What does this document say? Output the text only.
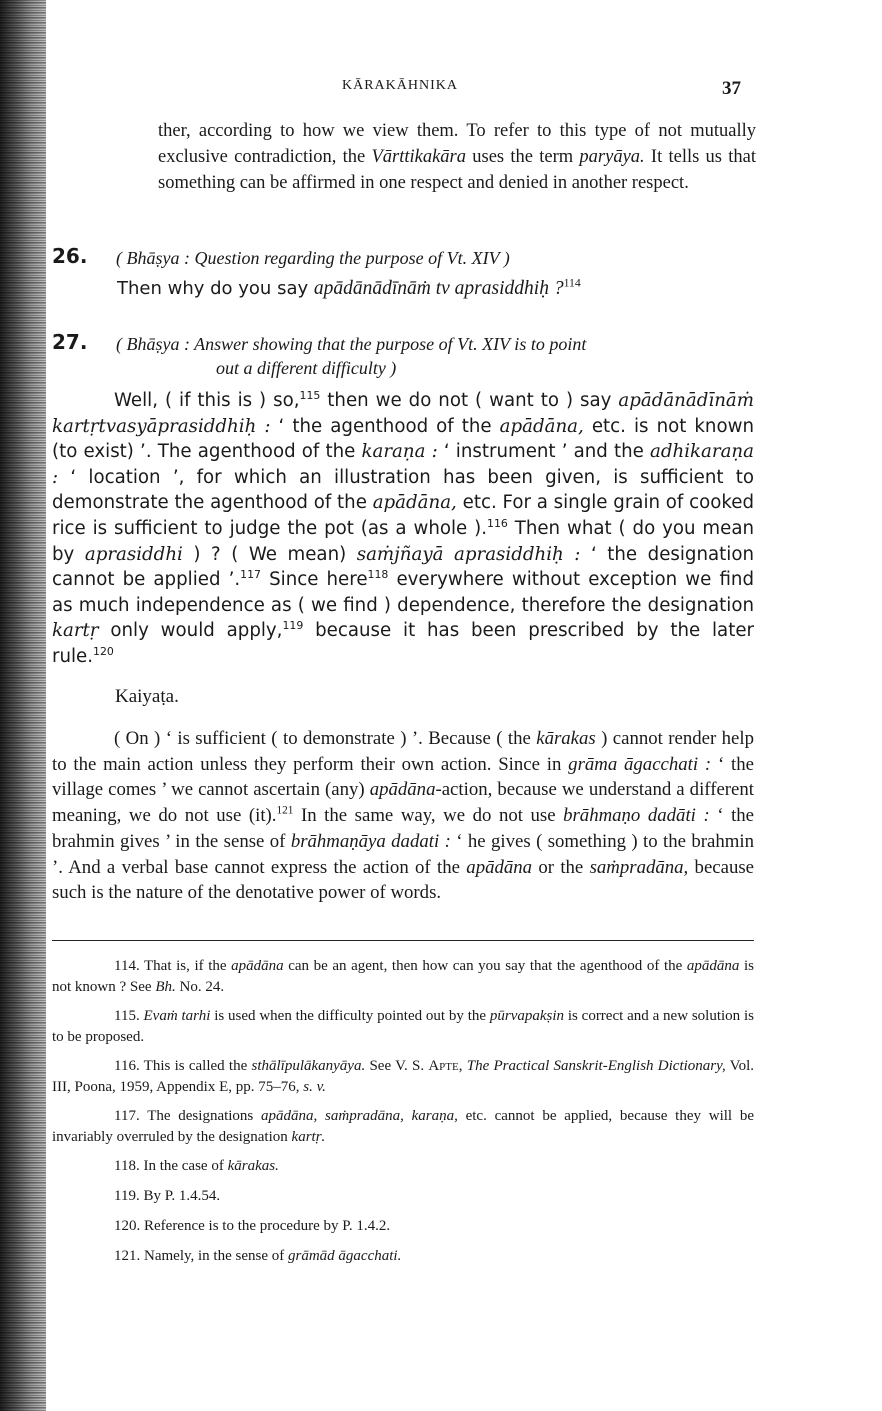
KĀRAKĀHNIKA	37
ther, according to how we view them. To refer to this type of not mutually exclusive contradiction, the Vārttikakāra uses the term paryāya. It tells us that something can be affirmed in one respect and denied in another respect.
26. ( Bhāṣya : Question regarding the purpose of Vt. XIV )
Then why do you say apādānādīnāṁ tv aprasiddhiḥ ?$^{114}$
27. ( Bhāṣya : Answer showing that the purpose of Vt. XIV is to point
out a different difficulty )
Well, ( if this is ) so,$^{115}$ then we do not ( want to ) say apādānādīnāṁ kartṛtvasyāprasiddhiḥ : ‘ the agenthood of the apādāna, etc. is not known (to exist) ’. The agenthood of the karaṇa : ‘ instrument ’ and the adhikaraṇa : ‘ location ’, for which an illustration has been given, is sufficient to demonstrate the agenthood of the apādāna, etc. For a single grain of cooked rice is sufficient to judge the pot (as a whole ).$^{116}$ Then what ( do you mean by aprasiddhi ) ? ( We mean) saṁjñayā aprasiddhiḥ : ‘ the designation cannot be applied ’.$^{117}$ Since here$^{118}$ everywhere without exception we find as much independence as ( we find ) dependence, therefore the designation kartṛ only would apply,$^{119}$ because it has been prescribed by the later rule.$^{120}$
Kaiyaṭa.
( On ) ‘ is sufficient ( to demonstrate ) ’. Because ( the kārakas ) cannot render help to the main action unless they perform their own action. Since in grāma āgacchati : ‘ the village comes ’ we cannot ascertain (any) apādāna-action, because we understand a different meaning, we do not use (it).$^{121}$ In the same way, we do not use brāhmaṇo dadāti : ‘ the brahmin gives ’ in the sense of brāhmaṇāya dadati : ‘ he gives ( something ) to the brahmin ’. And a verbal base cannot express the action of the apādāna or the saṁpradāna, because such is the nature of the denotative power of words.
114. That is, if the apādāna can be an agent, then how can you say that the agenthood of the apādāna is not known ? See Bh. No. 24.
115. Evaṁ tarhi is used when the difficulty pointed out by the pūrvapakṣin is correct and a new solution is to be proposed.
116. This is called the sthālīpulākanyāya. See V. S. Apte, The Practical Sanskrit-English Dictionary, Vol. III, Poona, 1959, Appendix E, pp. 75–76, s. v.
117. The designations apādāna, saṁpradāna, karaṇa, etc. cannot be applied, because they will be invariably overruled by the designation kartṛ.
118. In the case of kārakas.
119. By P. 1.4.54.
120. Reference is to the procedure by P. 1.4.2.
121. Namely, in the sense of grāmād āgacchati.
